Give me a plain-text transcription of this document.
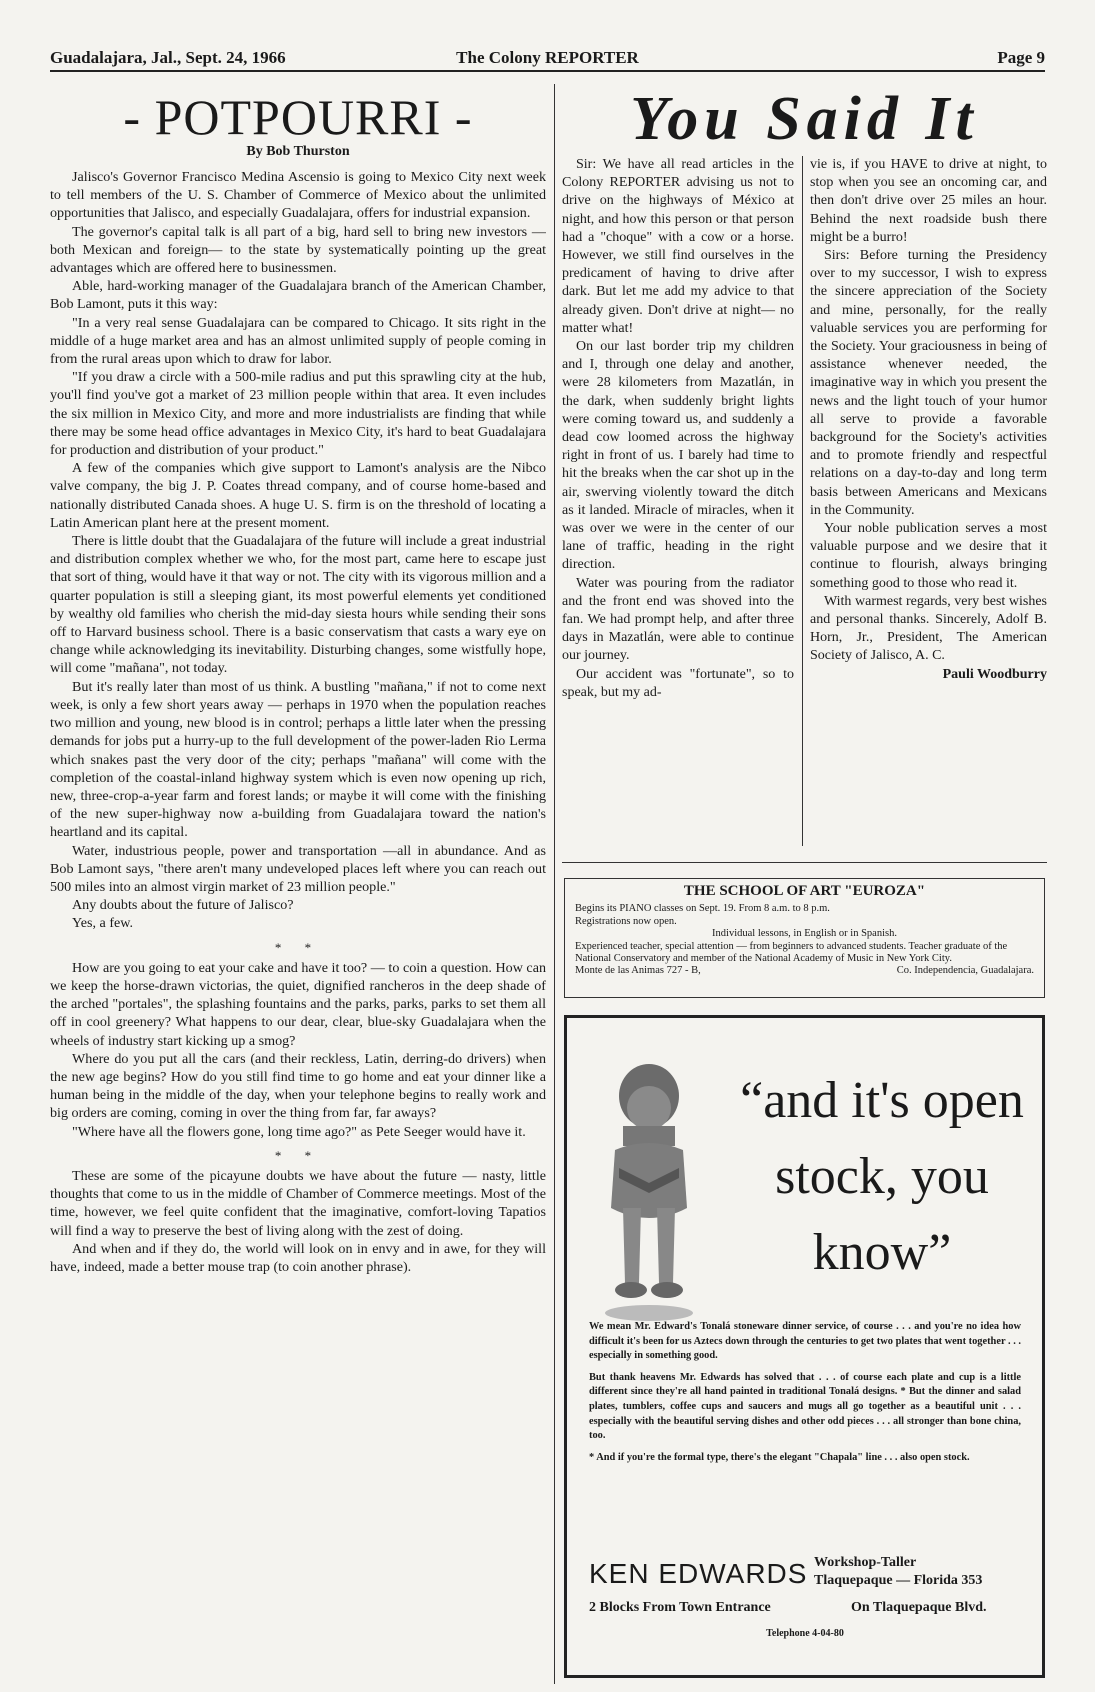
Guadalajara, Jal., Sept. 24, 1966	The Colony REPORTER	Page 9
- POTPOURRI -
By Bob Thurston

Jalisco's Governor Francisco Medina Ascensio is going to Mexico City next week to tell members of the U. S. Chamber of Commerce of Mexico about the unlimited opportunities that Jalisco, and especially Guadalajara, offers for industrial expansion.

The governor's capital talk is all part of a big, hard sell to bring new investors — both Mexican and foreign— to the state by systematically pointing up the great advantages which are offered here to businessmen.

Able, hard-working manager of the Guadalajara branch of the American Chamber, Bob Lamont, puts it this way:

"In a very real sense Guadalajara can be compared to Chicago. It sits right in the middle of a huge market area and has an almost unlimited supply of people coming in from the rural areas upon which to draw for labor.

"If you draw a circle with a 500-mile radius and put this sprawling city at the hub, you'll find you've got a market of 23 million people within that area. It even includes the six million in Mexico City, and more and more industrialists are finding that while there may be some head office advantages in Mexico City, it's hard to beat Guadalajara for production and distribution of your product."

A few of the companies which give support to Lamont's analysis are the Nibco valve company, the big J. P. Coates thread company, and of course home-based and nationally distributed Canada shoes. A huge U. S. firm is on the threshold of locating a Latin American plant here at the present moment.

There is little doubt that the Guadalajara of the future will include a great industrial and distribution complex whether we who, for the most part, came here to escape just that sort of thing, would have it that way or not. The city with its vigorous million and a quarter population is still a sleeping giant, its most powerful elements yet conditioned by wealthy old families who cherish the mid-day siesta hours while sending their sons off to Harvard business school. There is a basic conservatism that casts a wary eye on change while acknowledging its inevitability. Disturbing changes, some wistfully hope, will come "mañana", not today.

But it's really later than most of us think. A bustling "mañana," if not to come next week, is only a few short years away — perhaps in 1970 when the population reaches two million and young, new blood is in control; perhaps a little later when the pressing demands for jobs put a hurry-up to the full development of the power-laden Rio Lerma which snakes past the very door of the city; perhaps "mañana" will come with the completion of the coastal-inland highway system which is even now opening up rich, new, three-crop-a-year farm and forest lands; or maybe it will come with the finishing of the new super-highway now a-building from Guadalajara toward the nation's heartland and its capital.

Water, industrious people, power and transportation —all in abundance. And as Bob Lamont says, "there aren't many undeveloped places left where you can reach out 500 miles into an almost virgin market of 23 million people."

Any doubts about the future of Jalisco?

Yes, a few.

* *

How are you going to eat your cake and have it too? — to coin a question. How can we keep the horse-drawn victorias, the quiet, dignified rancheros in the deep shade of the arched "portales", the splashing fountains and the parks, parks, parks to set them all off in cool greenery? What happens to our dear, clear, blue-sky Guadalajara when the wheels of industry start kicking up a smog?

Where do you put all the cars (and their reckless, Latin, derring-do drivers) when the new age begins? How do you still find time to go home and eat your dinner like a human being in the middle of the day, when your telephone begins to really work and big orders are coming, coming in over the thing from far, far aways?

"Where have all the flowers gone, long time ago?" as Pete Seeger would have it.

* *

These are some of the picayune doubts we have about the future — nasty, little thoughts that come to us in the middle of Chamber of Commerce meetings. Most of the time, however, we feel quite confident that the imaginative, comfort-loving Tapatios will find a way to preserve the best of living along with the zest of doing.

And when and if they do, the world will look on in envy and in awe, for they will have, indeed, made a better mouse trap (to coin another phrase).

You Said It

Sir: We have all read articles in the Colony REPORTER advising us not to drive on the highways of México at night, and how this person or that person had a "choque" with a cow or a horse. However, we still find ourselves in the predicament of having to drive after dark. But let me add my advice to that already given. Don't drive at night— no matter what!

On our last border trip my children and I, through one delay and another, were 28 kilometers from Mazatlán, in the dark, when suddenly bright lights were coming toward us, and suddenly a dead cow loomed across the highway right in front of us. I barely had time to hit the breaks when the car shot up in the air, swerving violently toward the ditch as it landed. Miracle of miracles, when it was over we were in the center of our lane of traffic, heading in the right direction.

Water was pouring from the radiator and the front end was shoved into the fan. We had prompt help, and after three days in Mazatlán, were able to continue our journey.

Our accident was "fortunate", so to speak, but my ad-

vie is, if you HAVE to drive at night, to stop when you see an oncoming car, and then don't drive over 25 miles an hour. Behind the next roadside bush there might be a burro!

Sirs: Before turning the Presidency over to my successor, I wish to express the sincere appreciation of the Society and mine, personally, for the really valuable services you are performing for the Society. Your graciousness in being of assistance whenever needed, the imaginative way in which you present the news and the light touch of your humor all serve to provide a favorable background for the Society's activities and to promote friendly and respectful relations on a day-to-day and long term basis between Americans and Mexicans in the Community.

Your noble publication serves a most valuable purpose and we desire that it continue to flourish, always bringing something good to those who read it.

With warmest regards, very best wishes and personal thanks. Sincerely, Adolf B. Horn, Jr., President, The American Society of Jalisco, A. C.

Pauli Woodburry

THE SCHOOL OF ART "EUROZA"
Begins its PIANO classes on Sept. 19. From 8 a.m. to 8 p.m.
Registrations now open.
Individual lessons, in English or in Spanish.
Experienced teacher, special attention — from beginners to advanced students. Teacher graduate of the National Conservatory and member of the National Academy of Music in New York City.
Monte de las Animas 727 - B,	Co. Independencia, Guadalajara.
“and it's open stock, you know”

We mean Mr. Edward's Tonalá stoneware dinner service, of course . . . and you're no idea how difficult it's been for us Aztecs down through the centuries to get two plates that went together . . . especially in something good.

But thank heavens Mr. Edwards has solved that . . . of course each plate and cup is a little different since they're all hand painted in traditional Tonalá designs. * But the dinner and salad plates, tumblers, coffee cups and saucers and mugs all go together as a beautiful unit . . . especially with the beautiful serving dishes and other odd pieces . . . all stronger than bone china, too.

* And if you're the formal type, there's the elegant "Chapala" line . . . also open stock.

KEN EDWARDS Workshop-Taller
Tlaquepaque — Florida 353
2 Blocks From Town Entrance	On Tlaquepaque Blvd.
Telephone 4-04-80
